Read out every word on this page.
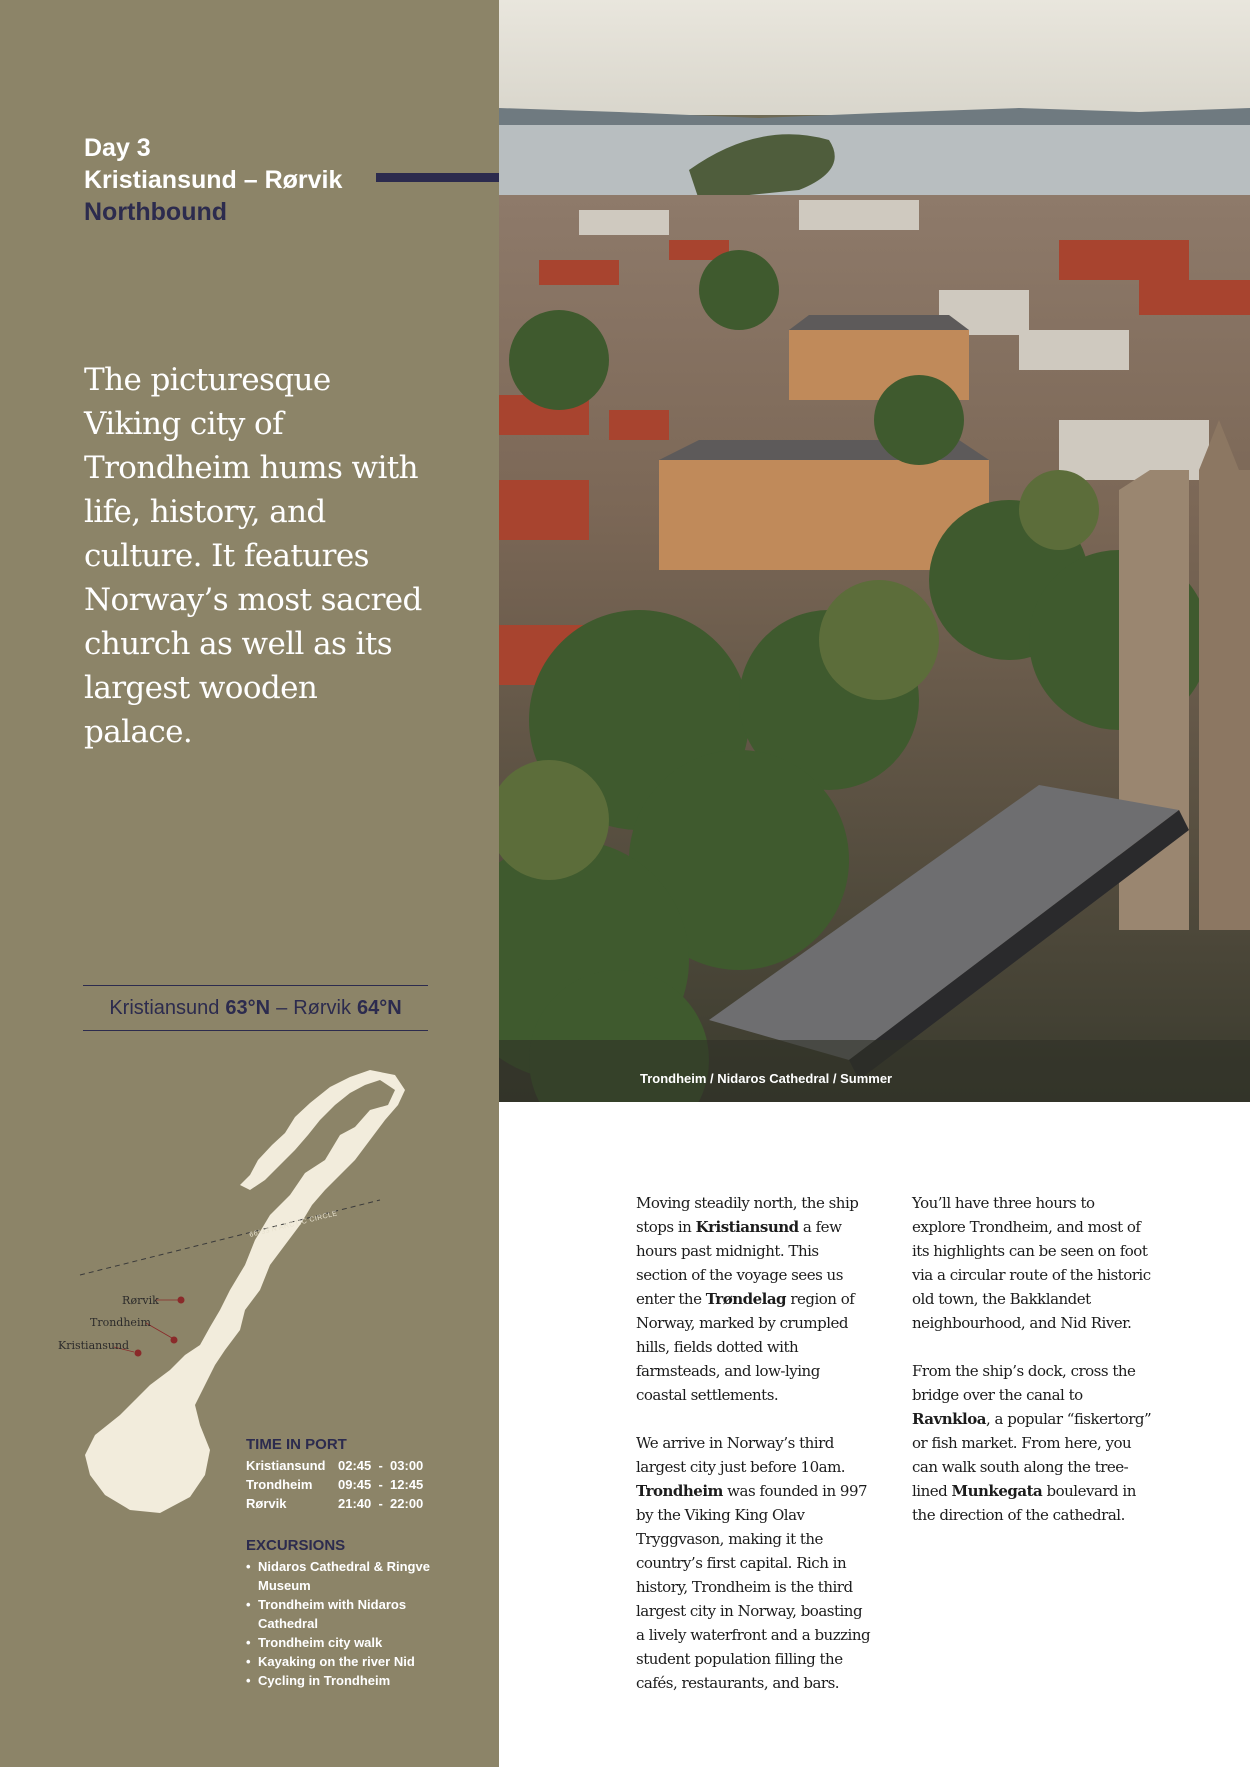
Trondheim / Nidaros Cathedral / Summer
Day 3
Kristiansund – Rørvik
Northbound
The picturesque Viking city of Trondheim hums with life, history, and culture. It features Norway’s most sacred church as well as its largest wooden palace.
Kristiansund 63°N – Rørvik 64°N
66°33'N ARCTIC CIRCLE
Rørvik
Trondheim
Kristiansund
TIME IN PORT
Kristiansund 02:45  -  03:00
Trondheim	09:45  -  12:45
Rørvik	21:40  -  22:00
EXCURSIONS
• Nidaros Cathedral & Ringve Museum
• Trondheim with Nidaros Cathedral
• Trondheim city walk
• Kayaking on the river Nid
• Cycling in Trondheim

Moving steadily north, the ship stops in Kristiansund a few hours past midnight. This section of the voyage sees us enter the Trøndelag region of Norway, marked by crumpled hills, fields dotted with farmsteads, and low-lying coastal settlements.

We arrive in Norway’s third largest city just before 10am. Trondheim was founded in 997 by the Viking King Olav Tryggvason, making it the country’s first capital. Rich in history, Trondheim is the third largest city in Norway, boasting a lively waterfront and a buzzing student population filling the cafés, restaurants, and bars.

You’ll have three hours to explore Trondheim, and most of its highlights can be seen on foot via a circular route of the historic old town, the Bakklandet neighbourhood, and Nid River.

From the ship’s dock, cross the bridge over the canal to Ravnkloa, a popular “fiskertorg” or fish market. From here, you can walk south along the tree-lined Munkegata boulevard in the direction of the cathedral.
